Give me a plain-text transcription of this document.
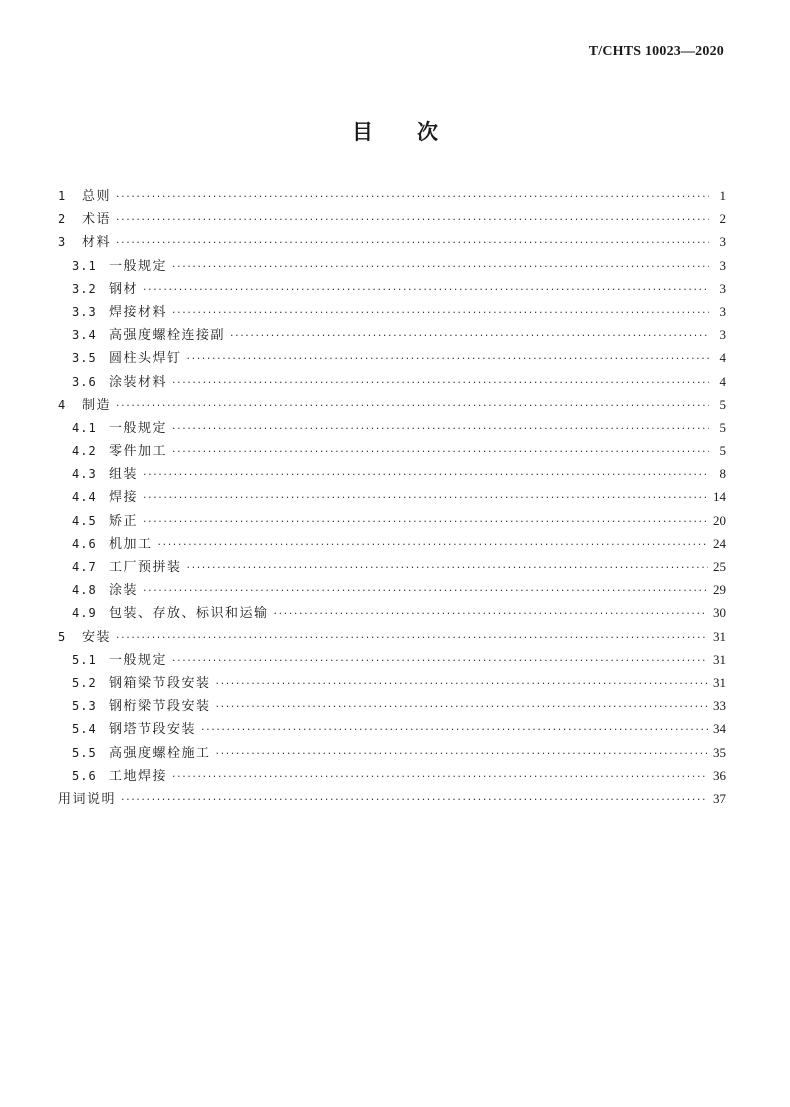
T/CHTS 10023—2020
目次
1	总则 ·····	1
2	术语 ·····	2
3	材料 ·····	3
3.1 一般规定 ·····	3
3.2 钢材 ·····	3
3.3 焊接材料 ·····	3
3.4 高强度螺栓连接副 ·····	3
3.5 圆柱头焊钉 ·····	4
3.6 涂装材料 ·····	4
4	制造 ·····	5
4.1 一般规定 ·····	5
4.2 零件加工 ·····	5
4.3 组装 ·····	8
4.4 焊接 ·····	14
4.5 矫正 ·····	20
4.6 机加工 ·····	24
4.7 工厂预拼装 ·····	25
4.8 涂装 ·····	29
4.9 包装、存放、标识和运输 ·····	30
5	安装 ·····	31
5.1 一般规定 ·····	31
5.2 钢箱梁节段安装 ·····	31
5.3 钢桁梁节段安装 ·····	33
5.4 钢塔节段安装 ·····	34
5.5 高强度螺栓施工 ·····	35
5.6 工地焊接 ·····	36
用词说明 ·····	37
